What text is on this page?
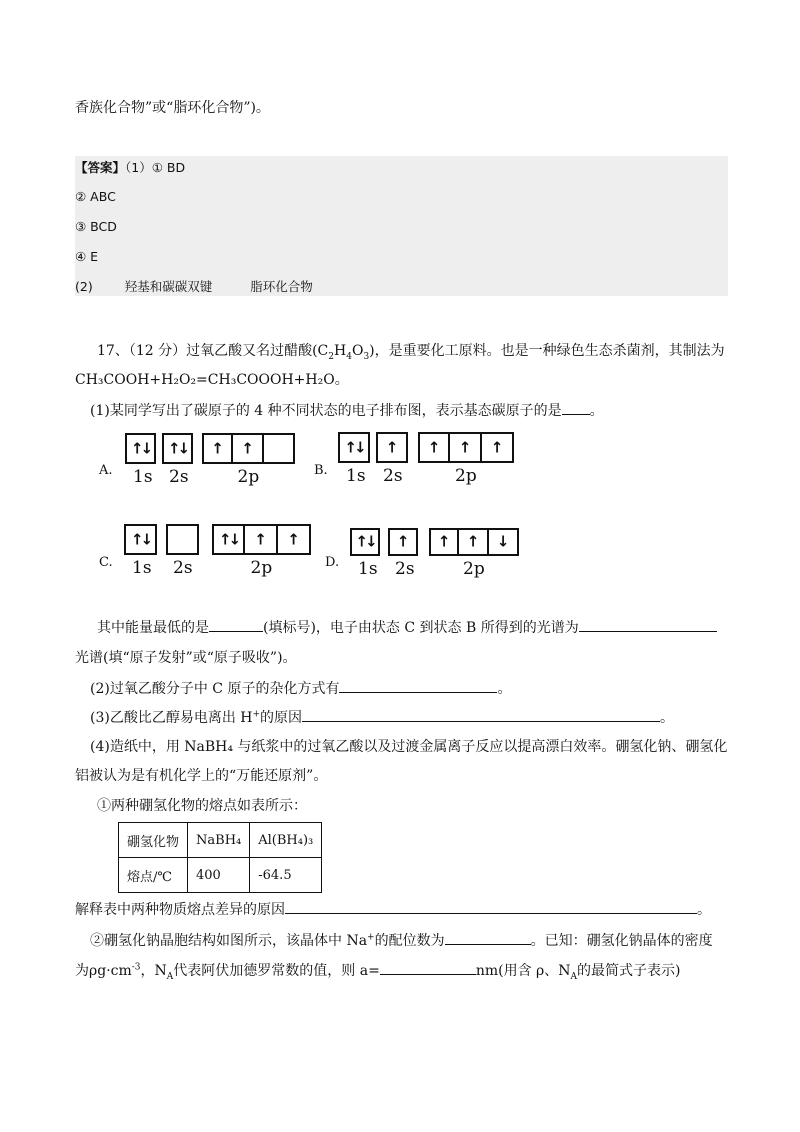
香族化合物”或“脂环化合物”)。
【答案】（1）① BD
② ABC
③ BCD
④ E
(2)	羟基和碳碳双键	脂环化合物
17、（12 分）过氧乙酸又名过醋酸$(C_2H_4O_3)$，是重要化工原料。也是一种绿色生态杀菌剂，其制法为
CH₃COOH+H₂O₂=CH₃COOOH+H₂O。
(1)某同学写出了碳原子的 4 种不同状态的电子排布图，表示基态碳原子的是 。
A.
↑↓
1s
↑↓
2s
↑ ↑
2p	B.
↑↓
1s
↑
2s
↑ ↑ ↑
2p
C.
↑↓
1s 2s
↑↓ ↑ ↑
2p	D.
↑↓
1s
↑
2s
↑ ↑ ↓
2p
其中能量最低的是	(填标号)，电子由状态 C 到状态 B 所得到的光谱为
光谱(填“原子发射”或“原子吸收”)。
(2)过氧乙酸分子中 C 原子的杂化方式有	。
(3)乙酸比乙醇易电离出 H+的原因	。
(4)造纸中，用 NaBH₄ 与纸浆中的过氧乙酸以及过渡金属离子反应以提高漂白效率。硼氢化钠、硼氢化
铝被认为是有机化学上的“万能还原剂”。
①两种硼氢化物的熔点如表所示：
硼氢化物	NaBH₄	Al(BH₄)₃
熔点/℃	400	-64.5
解释表中两种物质熔点差异的原因	。
②硼氢化钠晶胞结构如图所示，该晶体中 Na+的配位数为	。已知：硼氢化钠晶体的密度
为$\rho g\cdot cm^{-3}$，$N_A$代表阿伏加德罗常数的值，则 a=	nm(用含 ρ、$N_A$的最简式子表示)
